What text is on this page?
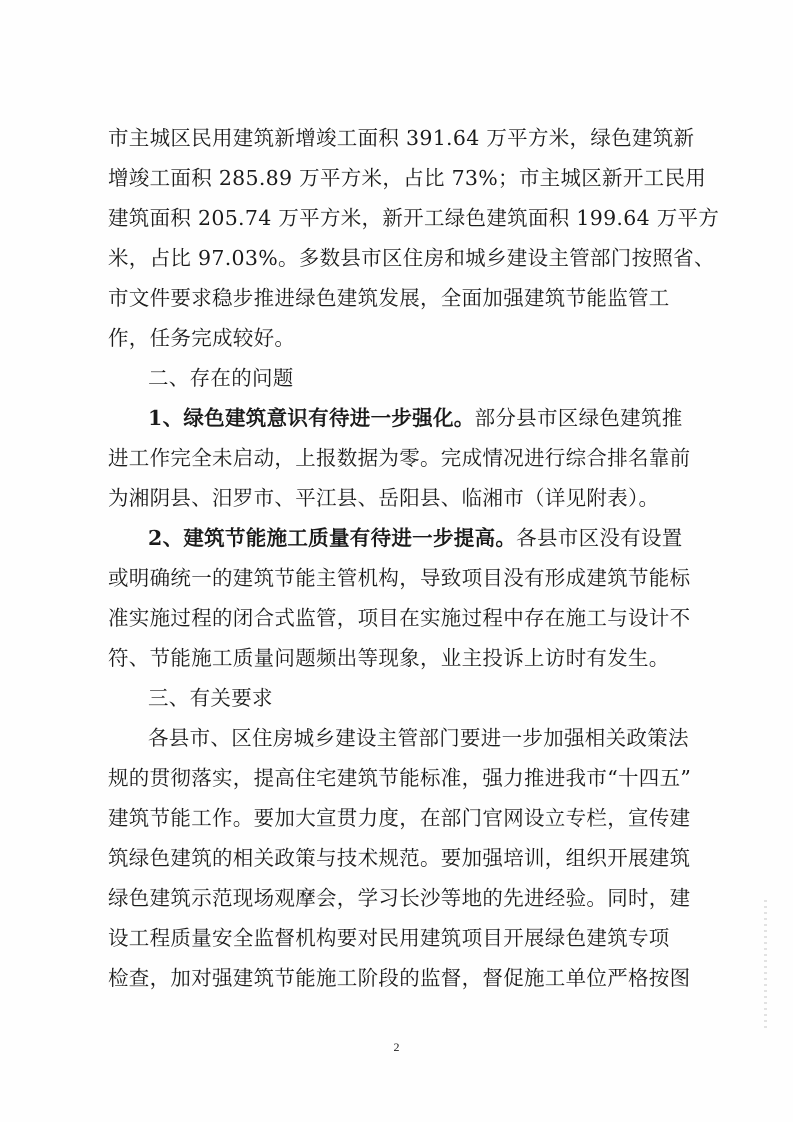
市主城区民用建筑新增竣工面积 391.64 万平方米，绿色建筑新
增竣工面积 285.89 万平方米，占比 73%；市主城区新开工民用
建筑面积 205.74 万平方米，新开工绿色建筑面积 199.64 万平方
米，占比 97.03%。多数县市区住房和城乡建设主管部门按照省、
市文件要求稳步推进绿色建筑发展，全面加强建筑节能监管工
作，任务完成较好。
二、存在的问题
1、绿色建筑意识有待进一步强化。部分县市区绿色建筑推
进工作完全未启动，上报数据为零。完成情况进行综合排名靠前
为湘阴县、汨罗市、平江县、岳阳县、临湘市（详见附表）。
2、建筑节能施工质量有待进一步提高。各县市区没有设置
或明确统一的建筑节能主管机构，导致项目没有形成建筑节能标
准实施过程的闭合式监管，项目在实施过程中存在施工与设计不
符、节能施工质量问题频出等现象，业主投诉上访时有发生。
三、有关要求
各县市、区住房城乡建设主管部门要进一步加强相关政策法
规的贯彻落实，提高住宅建筑节能标准，强力推进我市“十四五”
建筑节能工作。要加大宣贯力度，在部门官网设立专栏，宣传建
筑绿色建筑的相关政策与技术规范。要加强培训，组织开展建筑
绿色建筑示范现场观摩会，学习长沙等地的先进经验。同时，建
设工程质量安全监督机构要对民用建筑项目开展绿色建筑专项
检查，加对强建筑节能施工阶段的监督，督促施工单位严格按图
2
